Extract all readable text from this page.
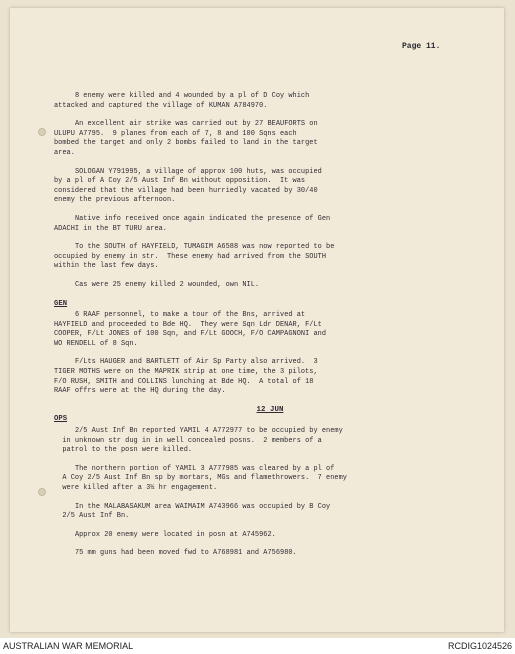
Page 11.

8 enemy were killed and 4 wounded by a pl of D Coy which
attacked and captured the village of KUMAN A784970.

An excellent air strike was carried out by 27 BEAUFORTS on
ULUPU A7795.  9 planes from each of 7, 8 and 100 Sqns each
bombed the target and only 2 bombs failed to land in the target
area.

SOLOGAN Y791995, a village of approx 100 huts, was occupied
by a pl of A Coy 2/5 Aust Inf Bn without opposition.  It was
considered that the village had been hurriedly vacated by 30/40
enemy the previous afternoon.

Native info received once again indicated the presence of Gen
ADACHI in the BT TURU area.

To the SOUTH of HAYFIELD, TUMAGIM A6588 was now reported to be
occupied by enemy in str.  These enemy had arrived from the SOUTH
within the last few days.

Cas were 25 enemy killed 2 wounded, own NIL.

GEN

6 RAAF personnel, to make a tour of the Bns, arrived at
HAYFIELD and proceeded to Bde HQ.  They were Sqn Ldr DENAR, F/Lt
COOPER, F/Lt JONES of 100 Sqn, and F/Lt GOOCH, F/O CAMPAGNONI and
WO RENDELL of 8 Sqn.

F/Lts HAUGER and BARTLETT of Air Sp Party also arrived.  3
TIGER MOTHS were on the MAPRIK strip at one time, the 3 pilots,
F/O RUSH, SMITH and COLLINS lunching at Bde HQ.  A total of 18
RAAF offrs were at the HQ during the day.

12 JUN

OPS

2/5 Aust Inf Bn reported YAMIL 4 A772977 to be occupied by enemy
in unknown str dug in in well concealed posns.  2 members of a
patrol to the posn were killed.

The northern portion of YAMIL 3 A777985 was cleared by a pl of
A Coy 2/5 Aust Inf Bn sp by mortars, MGs and flamethrowers.  7 enemy
were killed after a 3½ hr engagement.

In the MALABASAKUM area WAIMAIM A743966 was occupied by B Coy
2/5 Aust Inf Bn.

Approx 20 enemy were located in posn at A745962.

75 mm guns had been moved fwd to A768981 and A756980.

AUSTRALIAN WAR MEMORIAL	RCDIG1024526
